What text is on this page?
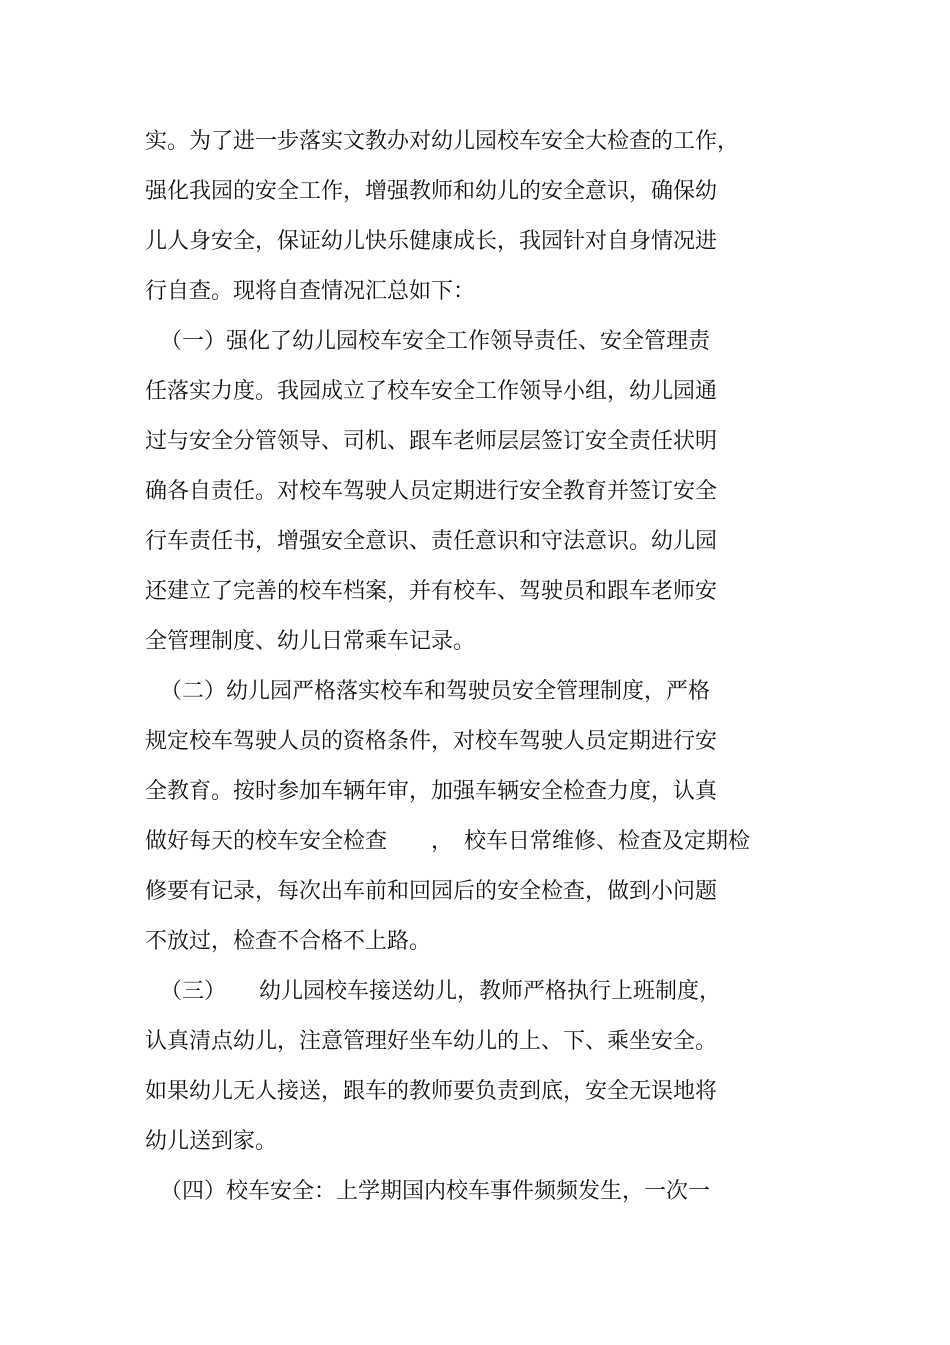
实。为了进一步落实文教办对幼儿园校车安全大检查的工作，
强化我园的安全工作，增强教师和幼儿的安全意识，确保幼
儿人身安全，保证幼儿快乐健康成长，我园针对自身情况进
行自查。现将自查情况汇总如下：
（一）强化了幼儿园校车安全工作领导责任、安全管理责
任落实力度。我园成立了校车安全工作领导小组，幼儿园通
过与安全分管领导、司机、跟车老师层层签订安全责任状明
确各自责任。对校车驾驶人员定期进行安全教育并签订安全
行车责任书，增强安全意识、责任意识和守法意识。幼儿园
还建立了完善的校车档案，并有校车、驾驶员和跟车老师安
全管理制度、幼儿日常乘车记录。
（二）幼儿园严格落实校车和驾驶员安全管理制度，严格
规定校车驾驶人员的资格条件，对校车驾驶人员定期进行安
全教育。按时参加车辆年审，加强车辆安全检查力度，认真
做好每天的校车安全检查　　，　校车日常维修、检查及定期检
修要有记录，每次出车前和回园后的安全检查，做到小问题
不放过，检查不合格不上路。
（三）　　幼儿园校车接送幼儿，教师严格执行上班制度，
认真清点幼儿，注意管理好坐车幼儿的上、下、乘坐安全。
如果幼儿无人接送，跟车的教师要负责到底，安全无误地将
幼儿送到家。
（四）校车安全：上学期国内校车事件频频发生，一次一
